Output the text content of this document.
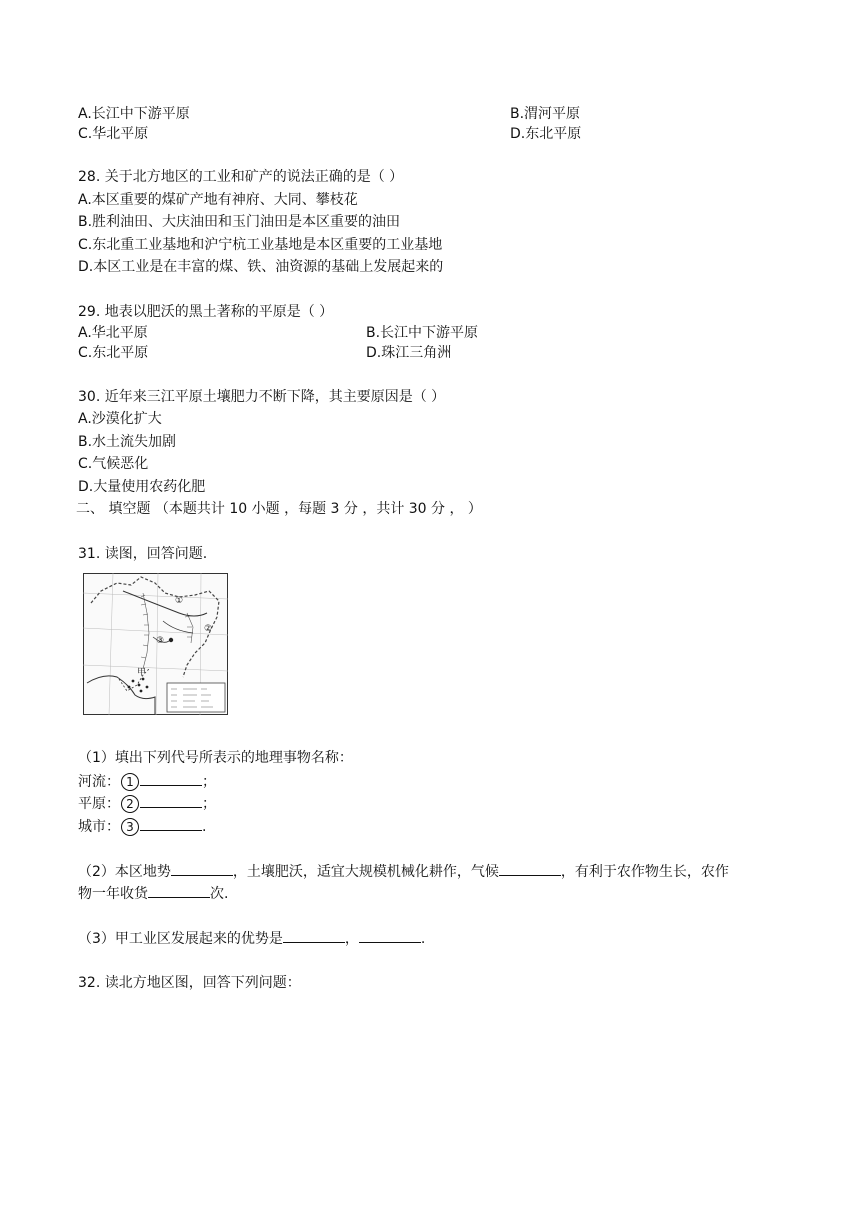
A.长江中下游平原	B.渭河平原
C.华北平原	D.东北平原
28. 关于北方地区的工业和矿产的说法正确的是（ ）
A.本区重要的煤矿产地有神府、大同、攀枝花
B.胜利油田、大庆油田和玉门油田是本区重要的油田
C.东北重工业基地和沪宁杭工业基地是本区重要的工业基地
D.本区工业是在丰富的煤、铁、油资源的基础上发展起来的
29. 地表以肥沃的黑土著称的平原是（ ）
A.华北平原	B.长江中下游平原
C.东北平原	D.珠江三角洲
30. 近年来三江平原土壤肥力不断下降，其主要原因是（ ）
A.沙漠化扩大
B.水土流失加剧
C.气候恶化
D.大量使用农药化肥
二、 填空题 （本题共计 10 小题 ，每题 3 分 ，共计 30 分 ， ）
31. 读图，回答问题.
①
②
③
甲
（1）填出下列代号所表示的地理事物名称：
河流： 1	；
平原： 2	；
城市： 3	.
（2）本区地势	，土壤肥沃，适宜大规模机械化耕作，气候	，有利于农作物生长，农作
物一年收货	次.
（3）甲工业区发展起来的优势是	，	.
32. 读北方地区图，回答下列问题：
